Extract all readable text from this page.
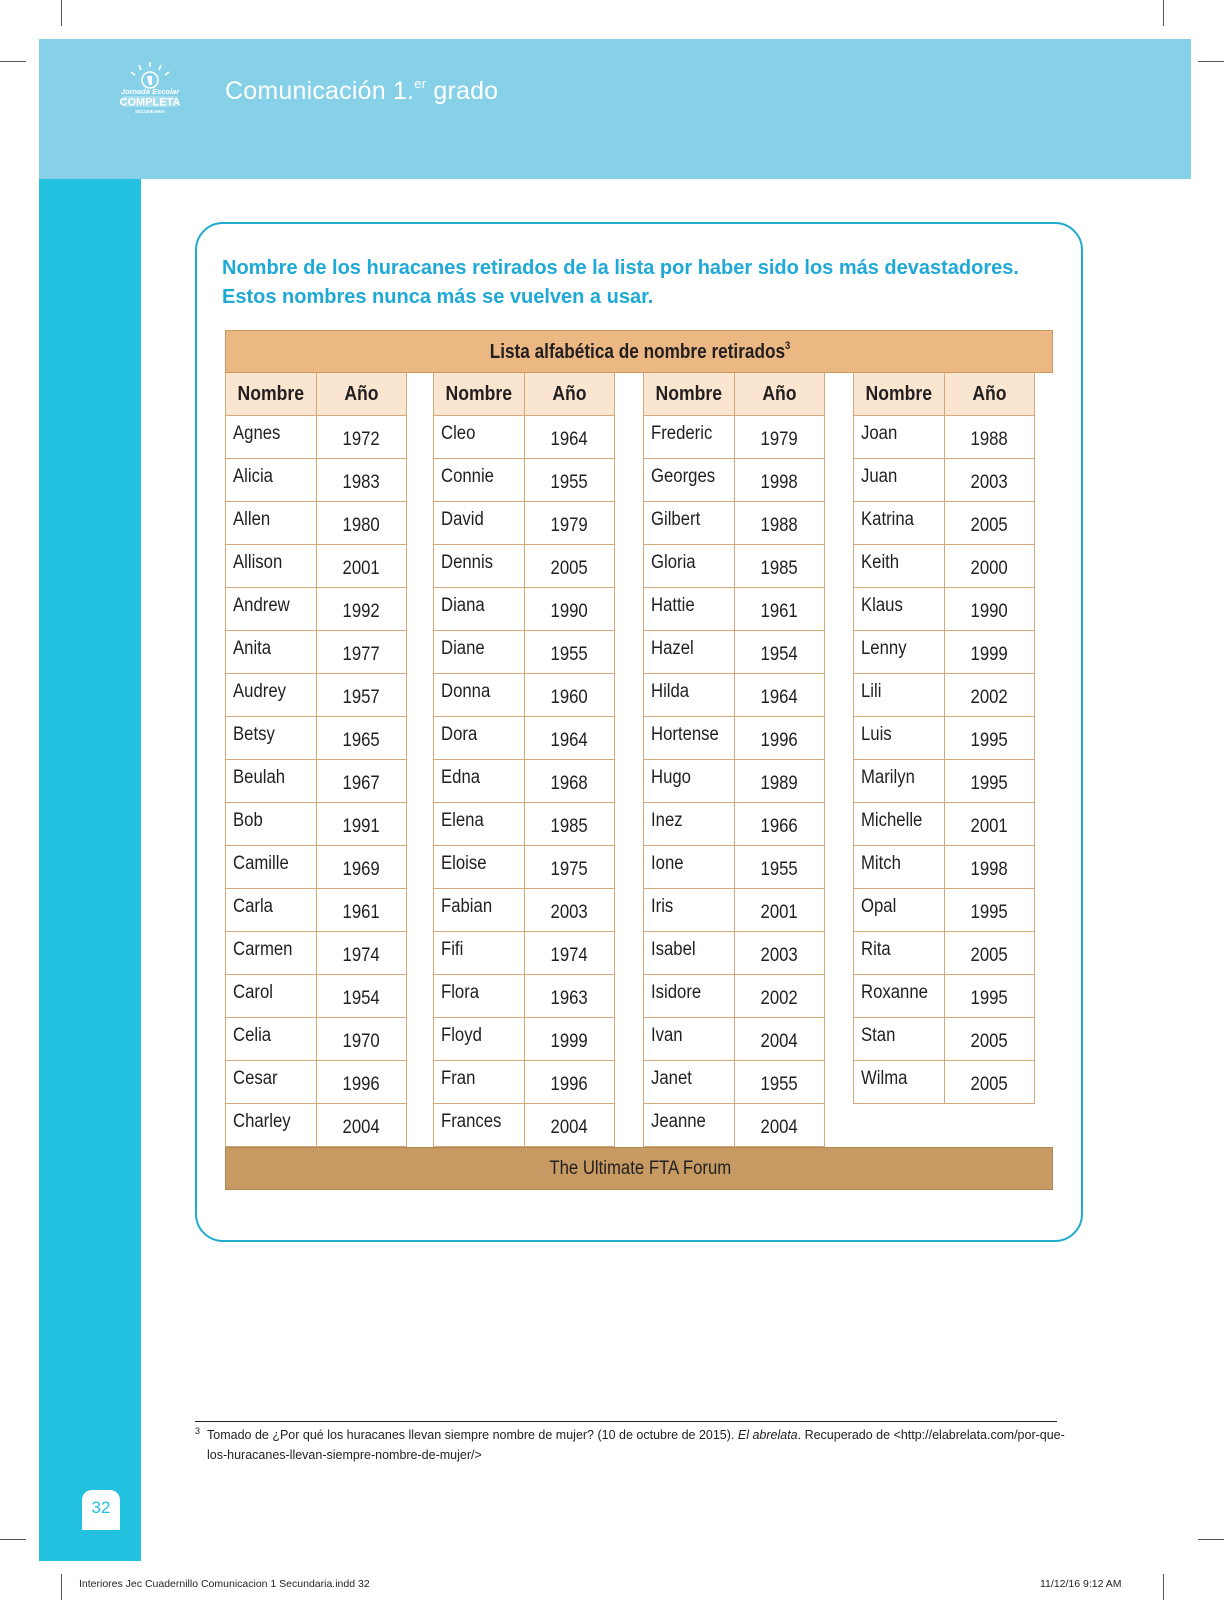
Jornada Escolar
COMPLETA
SECUNDARIA
Comunicación 1.$^{er}$ grado
32
Nombre de los huracanes retirados de la lista por haber sido los más devastadores. Estos nombres nunca más se vuelven a usar.
Lista alfabética de nombre retirados$^3$
Nombre Año
Agnes	1972
Alicia	1983
Allen	1980
Allison	2001
Andrew	1992
Anita	1977
Audrey	1957
Betsy	1965
Beulah	1967
Bob	1991
Camille	1969
Carla	1961
Carmen	1974
Carol	1954
Celia	1970
Cesar	1996
Charley	2004
Nombre Año
Cleo	1964
Connie	1955
David	1979
Dennis	2005
Diana	1990
Diane	1955
Donna	1960
Dora	1964
Edna	1968
Elena	1985
Eloise	1975
Fabian	2003
Fifi	1974
Flora	1963
Floyd	1999
Fran	1996
Frances	2004
Nombre Año
Frederic	1979
Georges	1998
Gilbert	1988
Gloria	1985
Hattie	1961
Hazel	1954
Hilda	1964
Hortense	1996
Hugo	1989
Inez	1966
Ione	1955
Iris	2001
Isabel	2003
Isidore	2002
Ivan	2004
Janet	1955
Jeanne	2004
Nombre Año
Joan	1988
Juan	2003
Katrina	2005
Keith	2000
Klaus	1990
Lenny	1999
Lili	2002
Luis	1995
Marilyn	1995
Michelle	2001
Mitch	1998
Opal	1995
Rita	2005
Roxanne	1995
Stan	2005
Wilma	2005
The Ultimate FTA Forum
3 Tomado de ¿Por qué los huracanes llevan siempre nombre de mujer? (10 de octubre de 2015). El abrelata. Recuperado de <http://elabrelata.com/por-que-los-huracanes-llevan-siempre-nombre-de-mujer/>
Interiores Jec Cuadernillo Comunicacion 1 Secundaria.indd 32	11/12/16 9:12 AM
